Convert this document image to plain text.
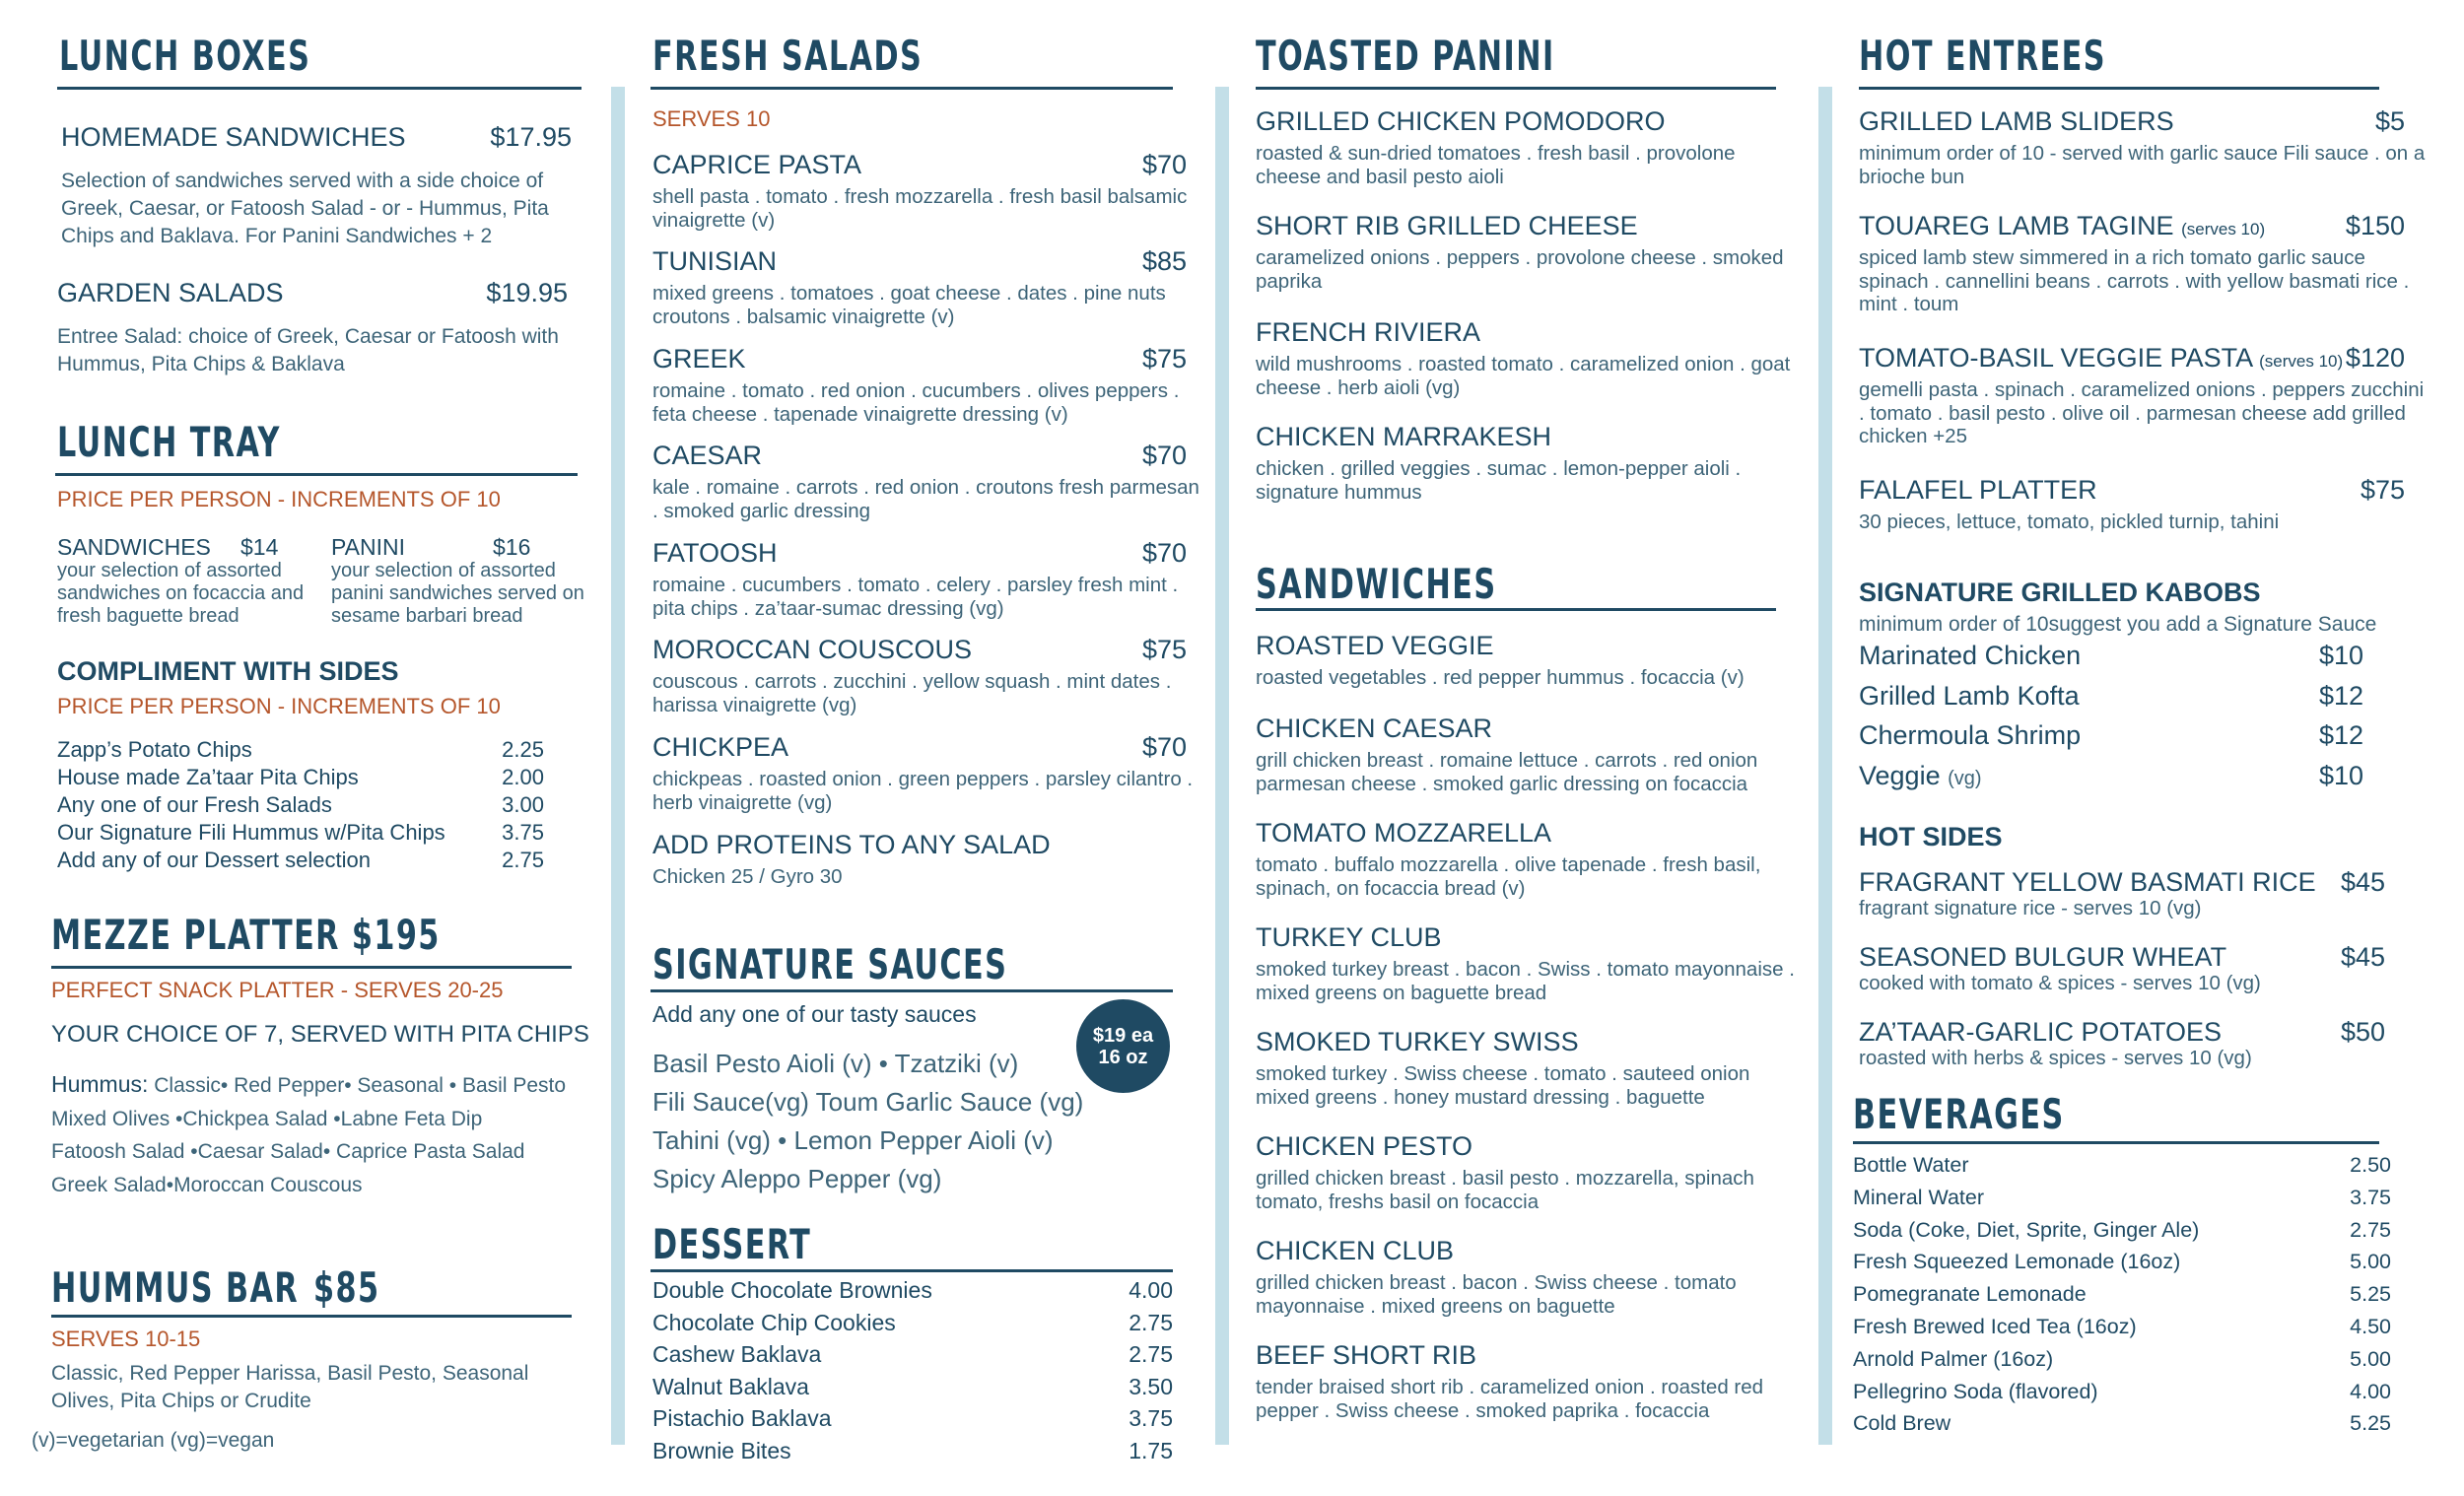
LUNCH BOXES
HOMEMADE SANDWICHES	$17.95
Selection of sandwiches served with a side choice of Greek, Caesar, or Fatoosh Salad - or - Hummus, Pita Chips and Baklava. For Panini Sandwiches + 2
GARDEN SALADS	$19.95
Entree Salad: choice of Greek, Caesar or Fatoosh with Hummus, Pita Chips & Baklava
LUNCH TRAY
PRICE PER PERSON - INCREMENTS OF 10
SANDWICHES $14
your selection of assorted sandwiches on focaccia and fresh baguette bread
PANINI	$16
your selection of assorted panini sandwiches served on sesame barbari bread
COMPLIMENT WITH SIDES
PRICE PER PERSON - INCREMENTS OF 10
Zapp’s Potato Chips	2.25
House made Za’taar Pita Chips	2.00
Any one of our Fresh Salads	3.00
Our Signature Fili Hummus w/Pita Chips	3.75
Add any of our Dessert selection	2.75
MEZZE PLATTER $195
PERFECT SNACK PLATTER - SERVES 20-25
YOUR CHOICE OF 7, SERVED WITH PITA CHIPS
Hummus: Classic• Red Pepper• Seasonal • Basil Pesto
Mixed Olives •Chickpea Salad •Labne Feta Dip
Fatoosh Salad •Caesar Salad• Caprice Pasta Salad
Greek Salad•Moroccan Couscous
HUMMUS BAR $85
SERVES 10-15
Classic, Red Pepper Harissa, Basil Pesto, Seasonal Olives, Pita Chips or Crudite
(v)=vegetarian (vg)=vegan
FRESH SALADS
SERVES 10
CAPRICE PASTA	$70
shell pasta . tomato . fresh mozzarella . fresh basil balsamic vinaigrette (v)
TUNISIAN	$85
mixed greens . tomatoes . goat cheese . dates . pine nuts croutons . balsamic vinaigrette (v)
GREEK	$75
romaine . tomato . red onion . cucumbers . olives peppers . feta cheese . tapenade vinaigrette dressing (v)
CAESAR	$70
kale . romaine . carrots . red onion . croutons fresh parmesan . smoked garlic dressing
FATOOSH	$70
romaine . cucumbers . tomato . celery . parsley fresh mint . pita chips . za’taar-sumac dressing (vg)
MOROCCAN COUSCOUS	$75
couscous . carrots . zucchini . yellow squash . mint dates . harissa vinaigrette (vg)
CHICKPEA	$70
chickpeas . roasted onion . green peppers . parsley cilantro . herb vinaigrette (vg)
ADD PROTEINS TO ANY SALAD
Chicken 25 / Gyro 30
SIGNATURE SAUCES
Add any one of our tasty sauces
$19 ea
16 oz
Basil Pesto Aioli (v) • Tzatziki (v)
Fili Sauce(vg) Toum Garlic Sauce (vg)
Tahini (vg) • Lemon Pepper Aioli (v)
Spicy Aleppo Pepper (vg)
DESSERT
Double Chocolate Brownies	4.00
Chocolate Chip Cookies	2.75
Cashew Baklava	2.75
Walnut Baklava	3.50
Pistachio Baklava	3.75
Brownie Bites	1.75
TOASTED PANINI
GRILLED CHICKEN POMODORO
roasted & sun-dried tomatoes . fresh basil . provolone cheese and basil pesto aioli
SHORT RIB GRILLED CHEESE
caramelized onions . peppers . provolone cheese . smoked paprika
FRENCH RIVIERA
wild mushrooms . roasted tomato . caramelized onion . goat cheese . herb aioli (vg)
CHICKEN MARRAKESH
chicken . grilled veggies . sumac . lemon-pepper aioli . signature hummus
SANDWICHES
ROASTED VEGGIE
roasted vegetables . red pepper hummus . focaccia (v)
CHICKEN CAESAR
grill chicken breast . romaine lettuce . carrots . red onion parmesan cheese . smoked garlic dressing on focaccia
TOMATO MOZZARELLA
tomato . buffalo mozzarella . olive tapenade . fresh basil, spinach, on focaccia bread (v)
TURKEY CLUB
smoked turkey breast . bacon . Swiss . tomato mayonnaise . mixed greens on baguette bread
SMOKED TURKEY SWISS
smoked turkey . Swiss cheese . tomato . sauteed onion mixed greens . honey mustard dressing . baguette
CHICKEN PESTO
grilled chicken breast . basil pesto . mozzarella, spinach tomato, freshs basil on focaccia
CHICKEN CLUB
grilled chicken breast . bacon . Swiss cheese . tomato mayonnaise . mixed greens on baguette
BEEF SHORT RIB
tender braised short rib . caramelized onion . roasted red pepper . Swiss cheese . smoked paprika . focaccia
HOT ENTREES
GRILLED LAMB SLIDERS	$5
minimum order of 10 - served with garlic sauce Fili sauce . on a brioche bun
TOUAREG LAMB TAGINE (serves 10)	$150
spiced lamb stew simmered in a rich tomato garlic sauce spinach . cannellini beans . carrots . with yellow basmati rice . mint . toum
TOMATO-BASIL VEGGIE PASTA (serves 10) $120
gemelli pasta . spinach . caramelized onions . peppers zucchini . tomato . basil pesto . olive oil . parmesan cheese add grilled chicken +25
FALAFEL PLATTER	$75
30 pieces, lettuce, tomato, pickled turnip, tahini
SIGNATURE GRILLED KABOBS
minimum order of 10suggest you add a Signature Sauce
Marinated Chicken	$10
Grilled Lamb Kofta	$12
Chermoula Shrimp	$12
Veggie (vg)	$10
HOT SIDES
FRAGRANT YELLOW BASMATI RICE $45
fragrant signature rice - serves 10 (vg)
SEASONED BULGUR WHEAT	$45
cooked with tomato & spices - serves 10 (vg)
ZA’TAAR-GARLIC POTATOES	$50
roasted with herbs & spices - serves 10 (vg)
BEVERAGES
Bottle Water	2.50
Mineral Water	3.75
Soda (Coke, Diet, Sprite, Ginger Ale)	2.75
Fresh Squeezed Lemonade (16oz)	5.00
Pomegranate Lemonade	5.25
Fresh Brewed Iced Tea (16oz)	4.50
Arnold Palmer (16oz)	5.00
Pellegrino Soda (flavored)	4.00
Cold Brew	5.25
